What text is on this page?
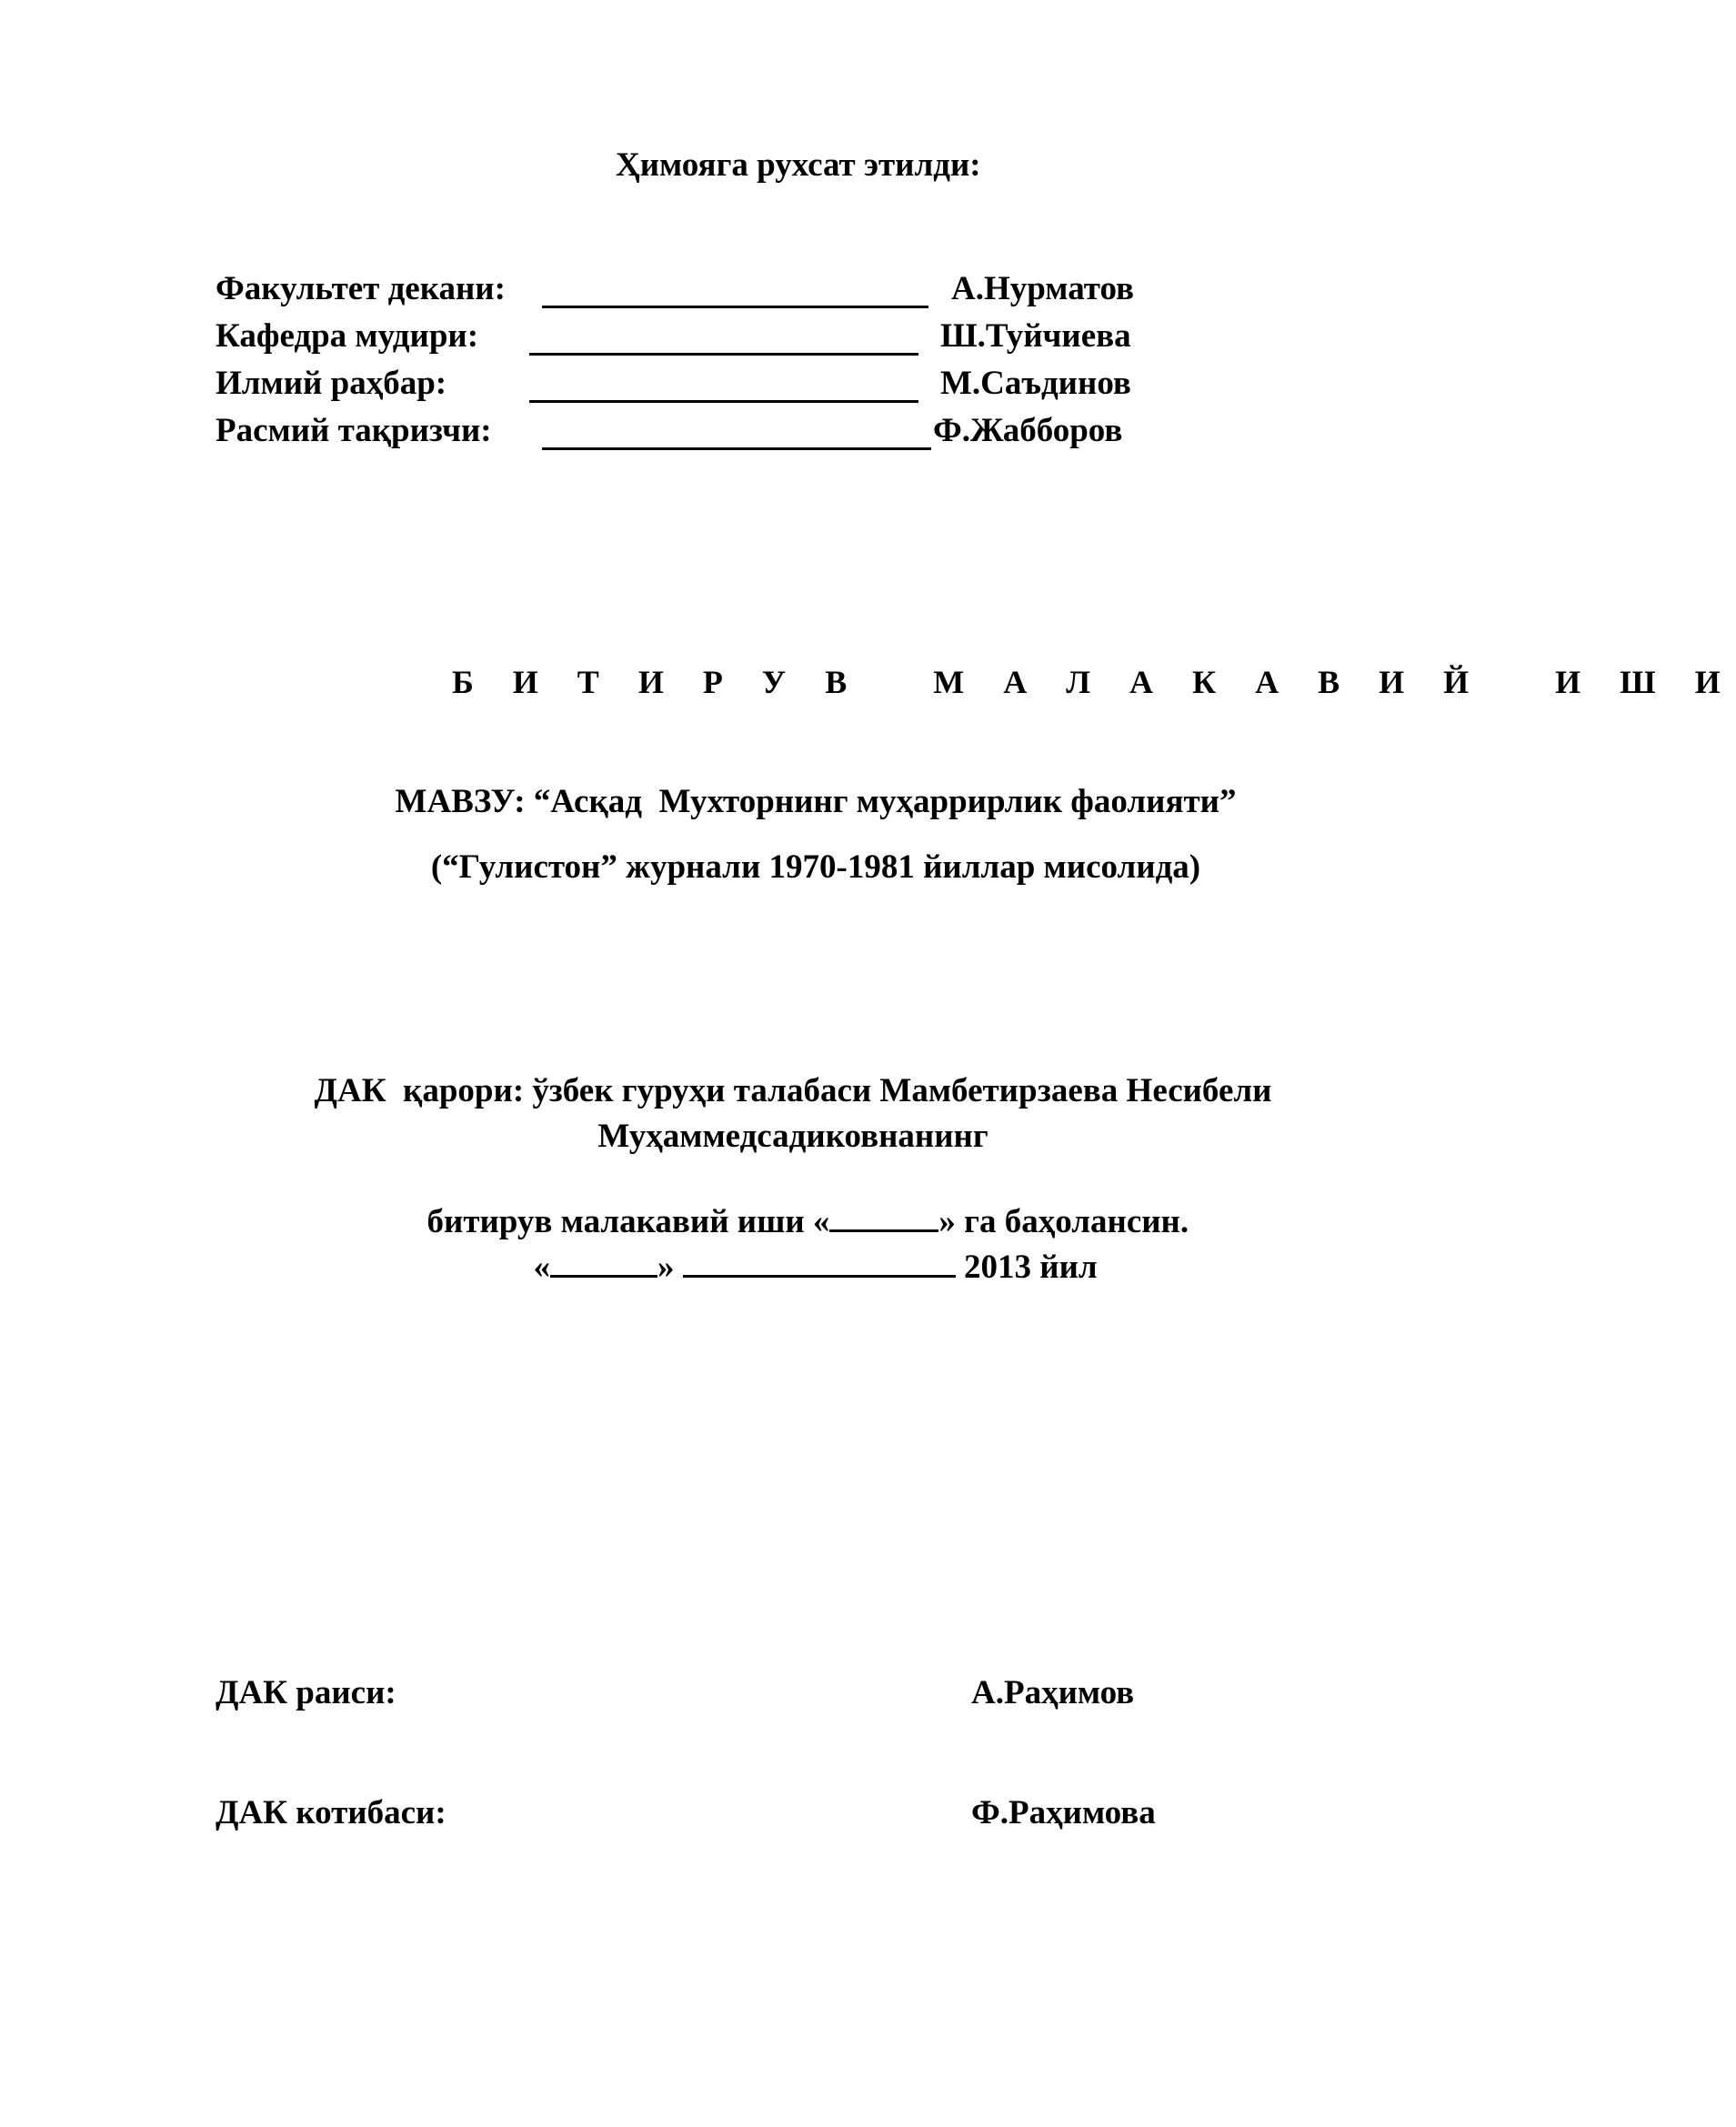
Ҳимояга рухсат этилди:
Факультет декани:	А.Нурматов
Кафедра мудири:	Ш.Туйчиева
Илмий раҳбар:	М.Саъдинов
Расмий тақризчи:	Ф.Жабборов
Б И Т И Р У В   М А Л А К А В И Й   И Ш И
МАВЗУ: “Асқад  Мухторнинг муҳаррирлик фаолияти”
(“Гулистон” журнали 1970-1981 йиллар мисолида)
ДАК  қарори: ўзбек гуруҳи талабаси Мамбетирзаева Несибели
Муҳаммедсадиковнанинг

битирув малакавий иши «	» га баҳолансин.

«	»	2013 йил

ДАК раиси:	А.Раҳимов
ДАК котибаси:	Ф.Раҳимова
